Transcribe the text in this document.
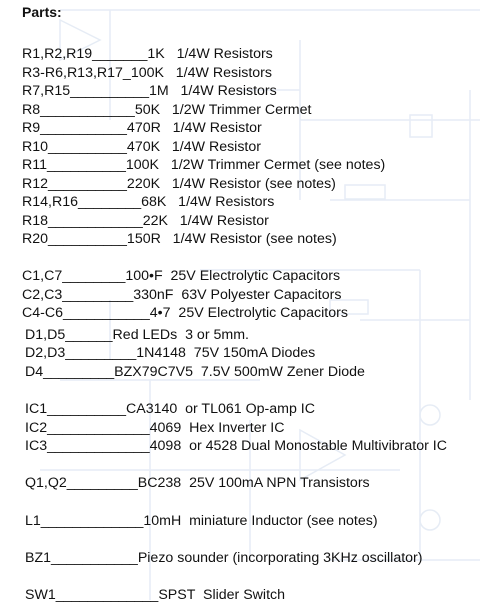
Parts:
R1,R2,R19_______1K   1/4W Resistors
R3-R6,R13,R17_100K   1/4W Resistors
R7,R15__________1M   1/4W Resistors
R8____________50K   1/2W Trimmer Cermet
R9___________470R   1/4W Resistor
R10__________470K   1/4W Resistor
R11__________100K   1/2W Trimmer Cermet (see notes)
R12__________220K   1/4W Resistor (see notes)
R14,R16________68K   1/4W Resistors
R18____________22K   1/4W Resistor
R20__________150R   1/4W Resistor (see notes)
C1,C7________100•F  25V Electrolytic Capacitors
C2,C3_________330nF  63V Polyester Capacitors
C4-C6___________4•7  25V Electrolytic Capacitors
D1,D5______Red LEDs  3 or 5mm.
D2,D3_________1N4148  75V 150mA Diodes
D4_________BZX79C7V5  7.5V 500mW Zener Diode
IC1__________CA3140  or TL061 Op-amp IC
IC2_____________4069  Hex Inverter IC
IC3_____________4098  or 4528 Dual Monostable Multivibrator IC
Q1,Q2_________BC238  25V 100mA NPN Transistors
L1_____________10mH  miniature Inductor (see notes)
BZ1___________Piezo sounder (incorporating 3KHz oscillator)
SW1_____________SPST  Slider Switch
